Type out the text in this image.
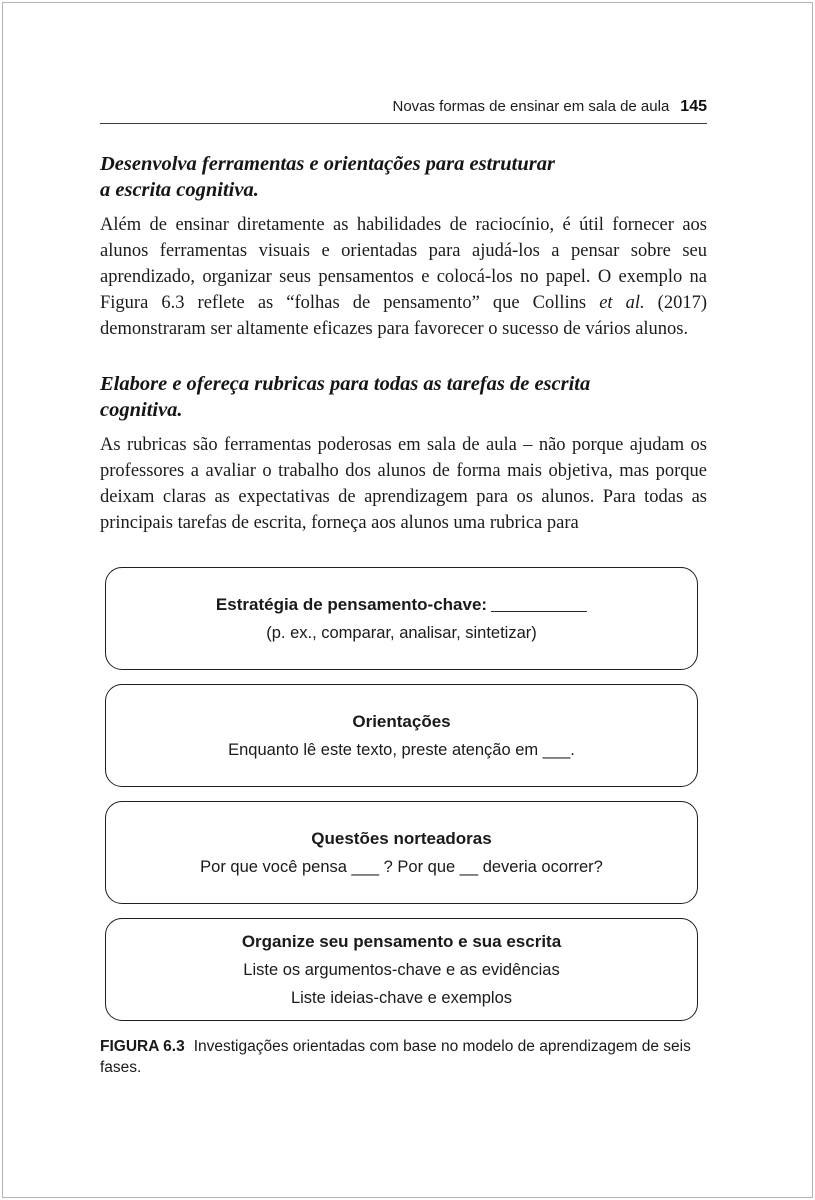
Novas formas de ensinar em sala de aula 145
Desenvolva ferramentas e orientações para estruturar
a escrita cognitiva.

Além de ensinar diretamente as habilidades de raciocínio, é útil fornecer aos alunos ferramentas visuais e orientadas para ajudá-los a pensar sobre seu aprendizado, organizar seus pensamentos e colocá-los no papel. O exemplo na Figura 6.3 reflete as “folhas de pensamento” que Collins et al. (2017) demonstraram ser altamente eficazes para favorecer o sucesso de vários alunos.

Elabore e ofereça rubricas para todas as tarefas de escrita
cognitiva.

As rubricas são ferramentas poderosas em sala de aula – não porque ajudam os professores a avaliar o trabalho dos alunos de forma mais objetiva, mas porque deixam claras as expectativas de aprendizagem para os alunos. Para todas as principais tarefas de escrita, forneça aos alunos uma rubrica para

Estratégia de pensamento-chave:
(p. ex., comparar, analisar, sintetizar)
Orientações
Enquanto lê este texto, preste atenção em ___.
Questões norteadoras
Por que você pensa ___ ? Por que __ deveria ocorrer?
Organize seu pensamento e sua escrita
Liste os argumentos-chave e as evidências
Liste ideias-chave e exemplos
FIGURA 6.3 Investigações orientadas com base no modelo de aprendizagem de seis fases.
